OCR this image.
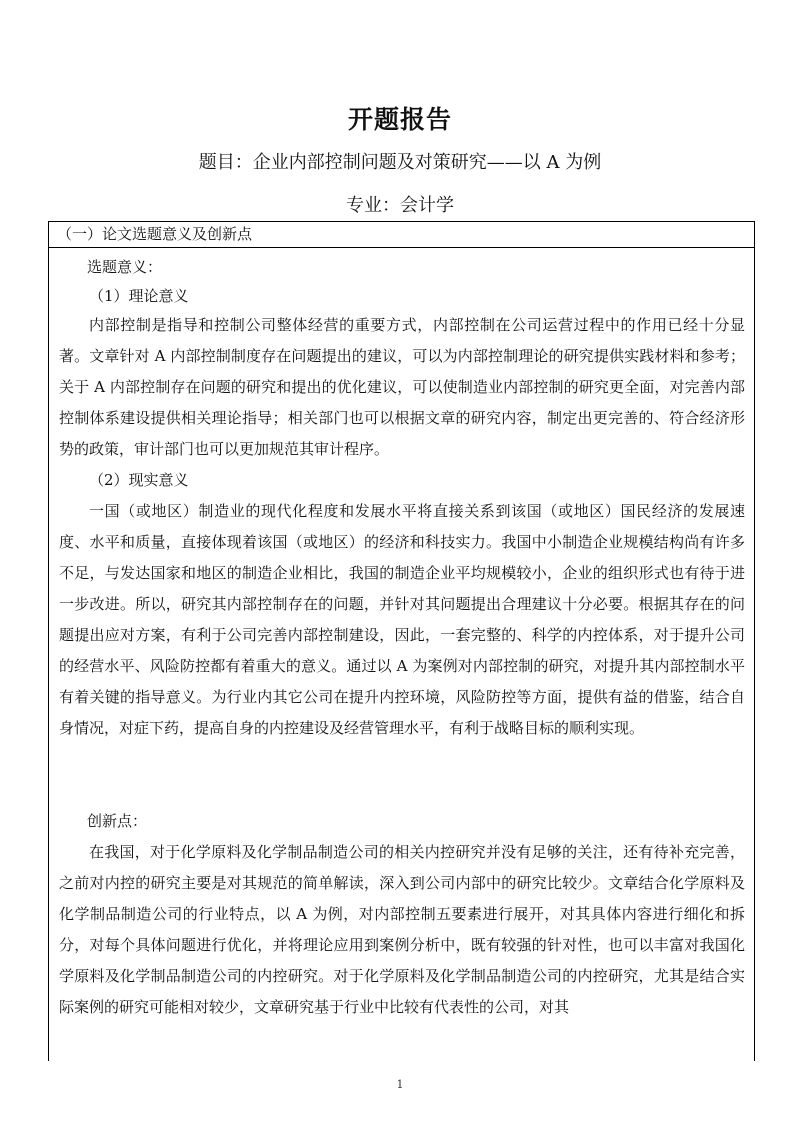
开题报告
题目：企业内部控制问题及对策研究——以 A 为例
专业：会计学
（一）论文选题意义及创新点

选题意义：

（1）理论意义

内部控制是指导和控制公司整体经营的重要方式，内部控制在公司运营过程中的作用已经十分显著。文章针对 A 内部控制制度存在问题提出的建议，可以为内部控制理论的研究提供实践材料和参考；关于 A 内部控制存在问题的研究和提出的优化建议，可以使制造业内部控制的研究更全面，对完善内部控制体系建设提供相关理论指导；相关部门也可以根据文章的研究内容，制定出更完善的、符合经济形势的政策，审计部门也可以更加规范其审计程序。

（2）现实意义

一国（或地区）制造业的现代化程度和发展水平将直接关系到该国（或地区）国民经济的发展速度、水平和质量，直接体现着该国（或地区）的经济和科技实力。我国中小制造企业规模结构尚有许多不足，与发达国家和地区的制造企业相比，我国的制造企业平均规模较小，企业的组织形式也有待于进一步改进。所以，研究其内部控制存在的问题，并针对其问题提出合理建议十分必要。根据其存在的问题提出应对方案，有利于公司完善内部控制建设，因此，一套完整的、科学的内控体系，对于提升公司的经营水平、风险防控都有着重大的意义。通过以 A 为案例对内部控制的研究，对提升其内部控制水平有着关键的指导意义。为行业内其它公司在提升内控环境，风险防控等方面，提供有益的借鉴，结合自身情况，对症下药，提高自身的内控建设及经营管理水平，有利于战略目标的顺利实现。

创新点：

在我国，对于化学原料及化学制品制造公司的相关内控研究并没有足够的关注，还有待补充完善，之前对内控的研究主要是对其规范的简单解读，深入到公司内部中的研究比较少。文章结合化学原料及化学制品制造公司的行业特点，以 A 为例，对内部控制五要素进行展开，对其具体内容进行细化和拆分，对每个具体问题进行优化，并将理论应用到案例分析中，既有较强的针对性，也可以丰富对我国化学原料及化学制品制造公司的内控研究。对于化学原料及化学制品制造公司的内控研究，尤其是结合实际案例的研究可能相对较少，文章研究基于行业中比较有代表性的公司，对其

1
